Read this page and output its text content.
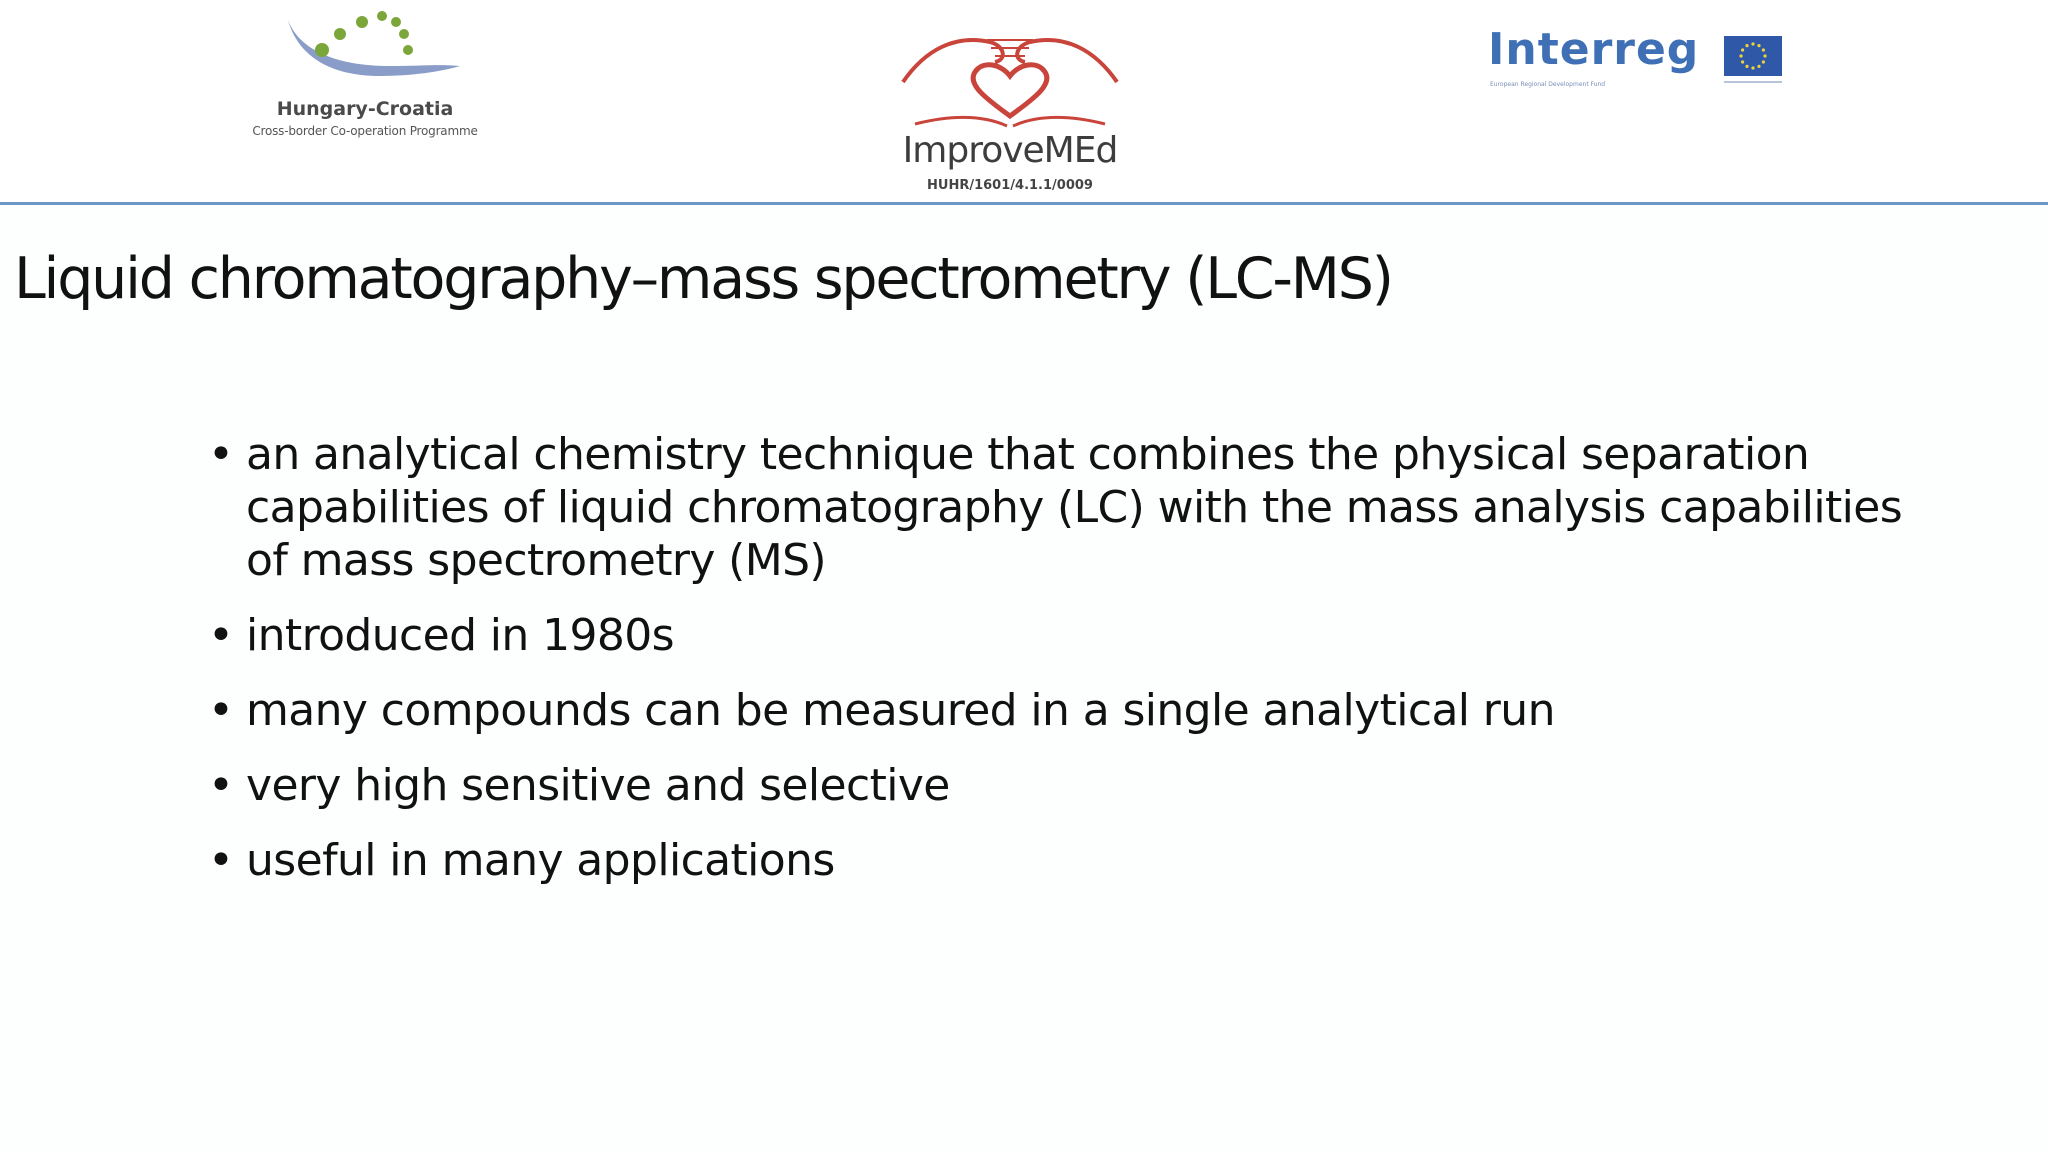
Hungary-Croatia
Cross-border Co-operation Programme	ImproveMEd
HUHR/1601/4.1.1/0009
Interreg
European Regional Development Fund
Liquid chromatography–mass spectrometry (LC-MS)
• an analytical chemistry technique that combines the physical separation capabilities of liquid chromatography (LC) with the mass analysis capabilities of mass spectrometry (MS)
• introduced in 1980s
• many compounds can be measured in a single analytical run
• very high sensitive and selective
• useful in many applications
